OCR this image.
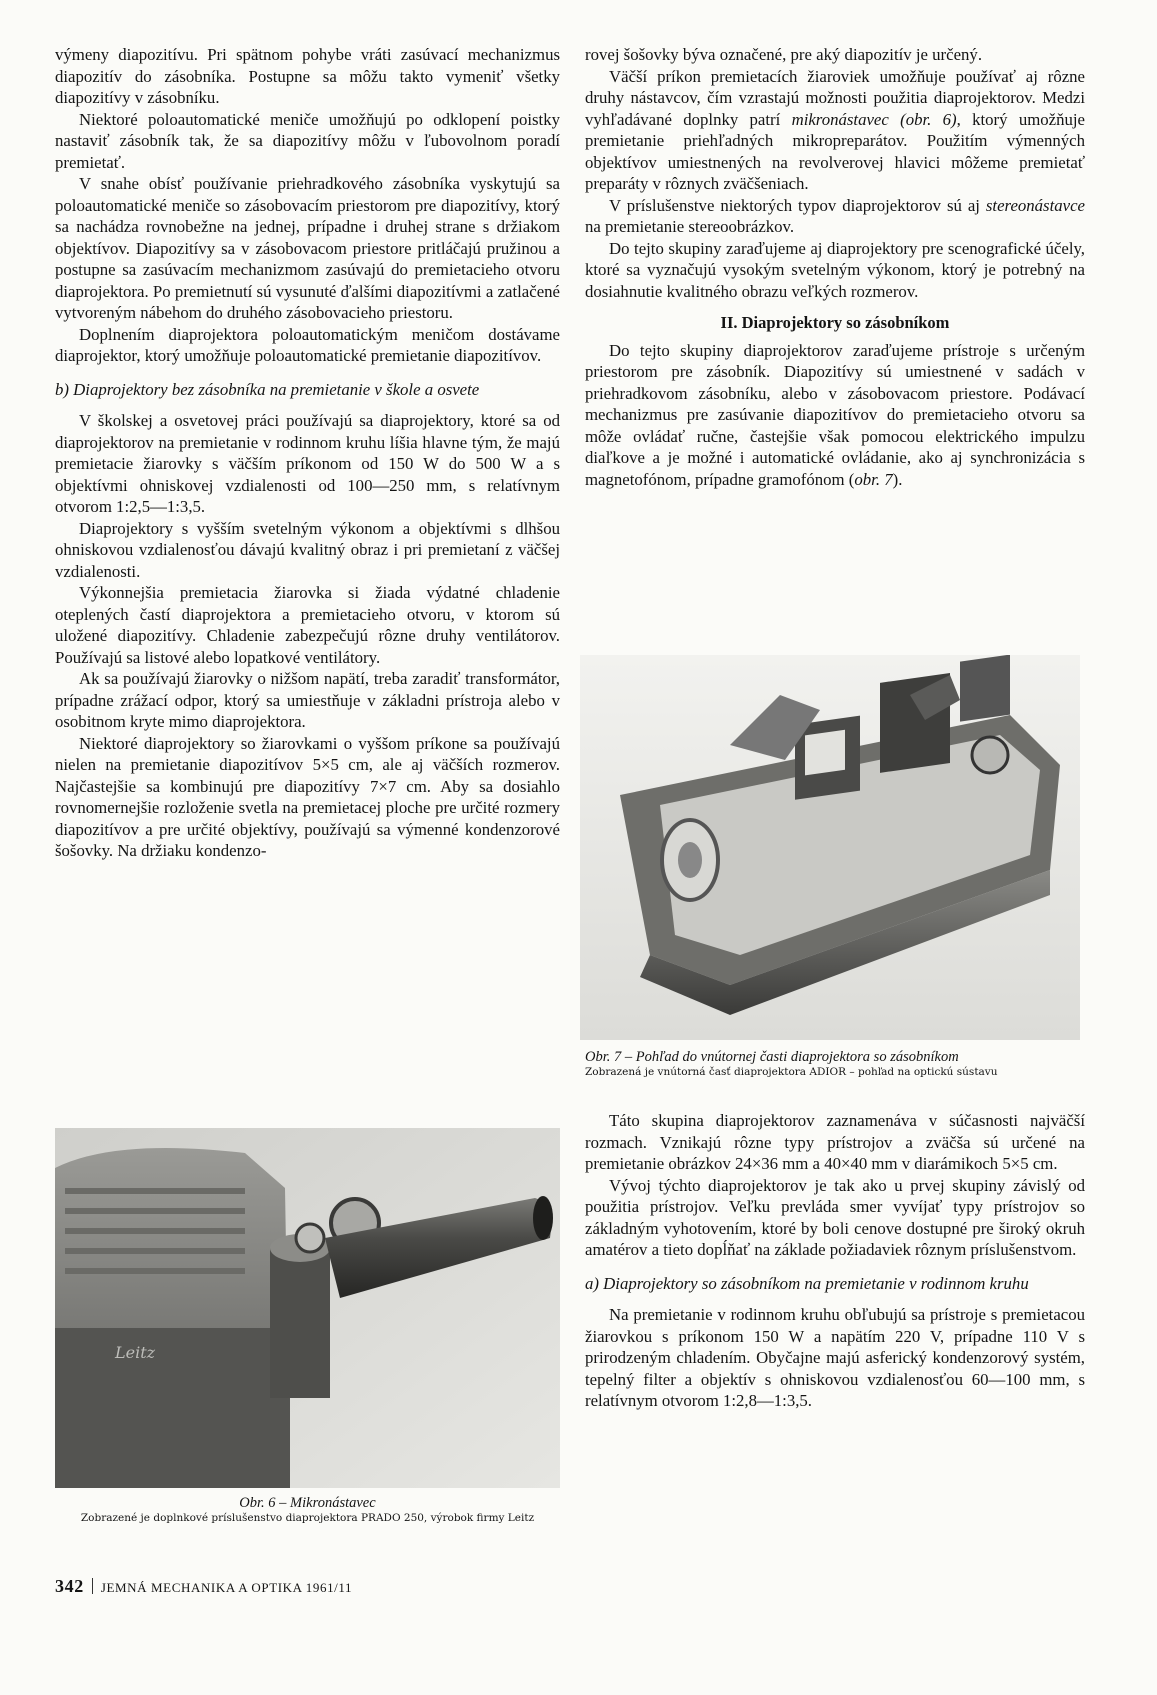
výmeny diapozitívu. Pri spätnom pohybe vráti zasúvací mechanizmus diapozitív do zásobníka. Postupne sa môžu takto vymeniť všetky diapozitívy v zásobníku.

Niektoré poloautomatické meniče umožňujú po odklopení poistky nastaviť zásobník tak, že sa diapozitívy môžu v ľubovolnom poradí premietať.

V snahe obísť používanie priehradkového zásobníka vyskytujú sa poloautomatické meniče so zásobovacím priestorom pre diapozitívy, ktorý sa nachádza rovnobežne na jednej, prípadne i druhej strane s držiakom objektívov. Diapozitívy sa v zásobovacom priestore pritláčajú pružinou a postupne sa zasúvacím mechanizmom zasúvajú do premietacieho otvoru diaprojektora. Po premietnutí sú vysunuté ďalšími diapozitívmi a zatlačené vytvoreným nábehom do druhého zásobovacieho priestoru.

Doplnením diaprojektora poloautomatickým meničom dostávame diaprojektor, ktorý umožňuje poloautomatické premietanie diapozitívov.

b) Diaprojektory bez zásobníka na premietanie v škole a osvete

V školskej a osvetovej práci používajú sa diaprojektory, ktoré sa od diaprojektorov na premietanie v rodinnom kruhu líšia hlavne tým, že majú premietacie žiarovky s väčším príkonom od 150 W do 500 W a s objektívmi ohniskovej vzdialenosti od 100—250 mm, s relatívnym otvorom 1:2,5—1:3,5.

Diaprojektory s vyšším svetelným výkonom a objektívmi s dlhšou ohniskovou vzdialenosťou dávajú kvalitný obraz i pri premietaní z väčšej vzdialenosti.

Výkonnejšia premietacia žiarovka si žiada výdatné chladenie oteplených častí diaprojektora a premietacieho otvoru, v ktorom sú uložené diapozitívy. Chladenie zabezpečujú rôzne druhy ventilátorov. Používajú sa listové alebo lopatkové ventilátory.

Ak sa používajú žiarovky o nižšom napätí, treba zaradiť transformátor, prípadne zrážací odpor, ktorý sa umiestňuje v základni prístroja alebo v osobitnom kryte mimo diaprojektora.

Niektoré diaprojektory so žiarovkami o vyššom príkone sa používajú nielen na premietanie diapozitívov 5×5 cm, ale aj väčších rozmerov. Najčastejšie sa kombinujú pre diapozitívy 7×7 cm. Aby sa dosiahlo rovnomernejšie rozloženie svetla na premietacej ploche pre určité rozmery diapozitívov a pre určité objektívy, používajú sa výmenné kondenzorové šošovky. Na držiaku kondenzo-

rovej šošovky býva označené, pre aký diapozitív je určený.

Väčší príkon premietacích žiaroviek umožňuje používať aj rôzne druhy nástavcov, čím vzrastajú možnosti použitia diaprojektorov. Medzi vyhľadávané doplnky patrí mikronástavec (obr. 6), ktorý umožňuje premietanie priehľadných mikropreparátov. Použitím výmenných objektívov umiestnených na revolverovej hlavici môžeme premietať preparáty v rôznych zväčšeniach.

V príslušenstve niektorých typov diaprojektorov sú aj stereonástavce na premietanie stereoobrázkov.

Do tejto skupiny zaraďujeme aj diaprojektory pre scenografické účely, ktoré sa vyznačujú vysokým svetelným výkonom, ktorý je potrebný na dosiahnutie kvalitného obrazu veľkých rozmerov.

II. Diaprojektory so zásobníkom

Do tejto skupiny diaprojektorov zaraďujeme prístroje s určeným priestorom pre zásobník. Diapozitívy sú umiestnené v sadách v priehradkovom zásobníku, alebo v zásobovacom priestore. Podávací mechanizmus pre zasúvanie diapozitívov do premietacieho otvoru sa môže ovládať ručne, častejšie však pomocou elektrického impulzu diaľkove a je možné i automatické ovládanie, ako aj synchronizácia s magnetofónom, prípadne gramofónom (obr. 7).

Obr. 7 – Pohľad do vnútornej časti diaprojektora so zásobníkom
Zobrazená je vnútorná časť diaprojektora ADIOR – pohľad na optickú sústavu

Táto skupina diaprojektorov zaznamenáva v súčasnosti najväčší rozmach. Vznikajú rôzne typy prístrojov a zväčša sú určené na premietanie obrázkov 24×36 mm a 40×40 mm v diarámikoch 5×5 cm.

Vývoj týchto diaprojektorov je tak ako u prvej skupiny závislý od použitia prístrojov. Veľku prevláda smer vyvíjať typy prístrojov so základným vyhotovením, ktoré by boli cenove dostupné pre široký okruh amatérov a tieto dopĺňať na základe požiadaviek rôznym príslušenstvom.

a) Diaprojektory so zásobníkom na premietanie v rodinnom kruhu

Na premietanie v rodinnom kruhu obľubujú sa prístroje s premietacou žiarovkou s príkonom 150 W a napätím 220 V, prípadne 110 V s prirodzeným chladením. Obyčajne majú asferický kondenzorový systém, tepelný filter a objektív s ohniskovou vzdialenosťou 60—100 mm, s relatívnym otvorom 1:2,8—1:3,5.

Leitz
Obr. 6 – Mikronástavec
Zobrazené je doplnkové príslušenstvo diaprojektora PRADO 250, výrobok firmy Leitz
342 JEMNÁ MECHANIKA A OPTIKA 1961/11
